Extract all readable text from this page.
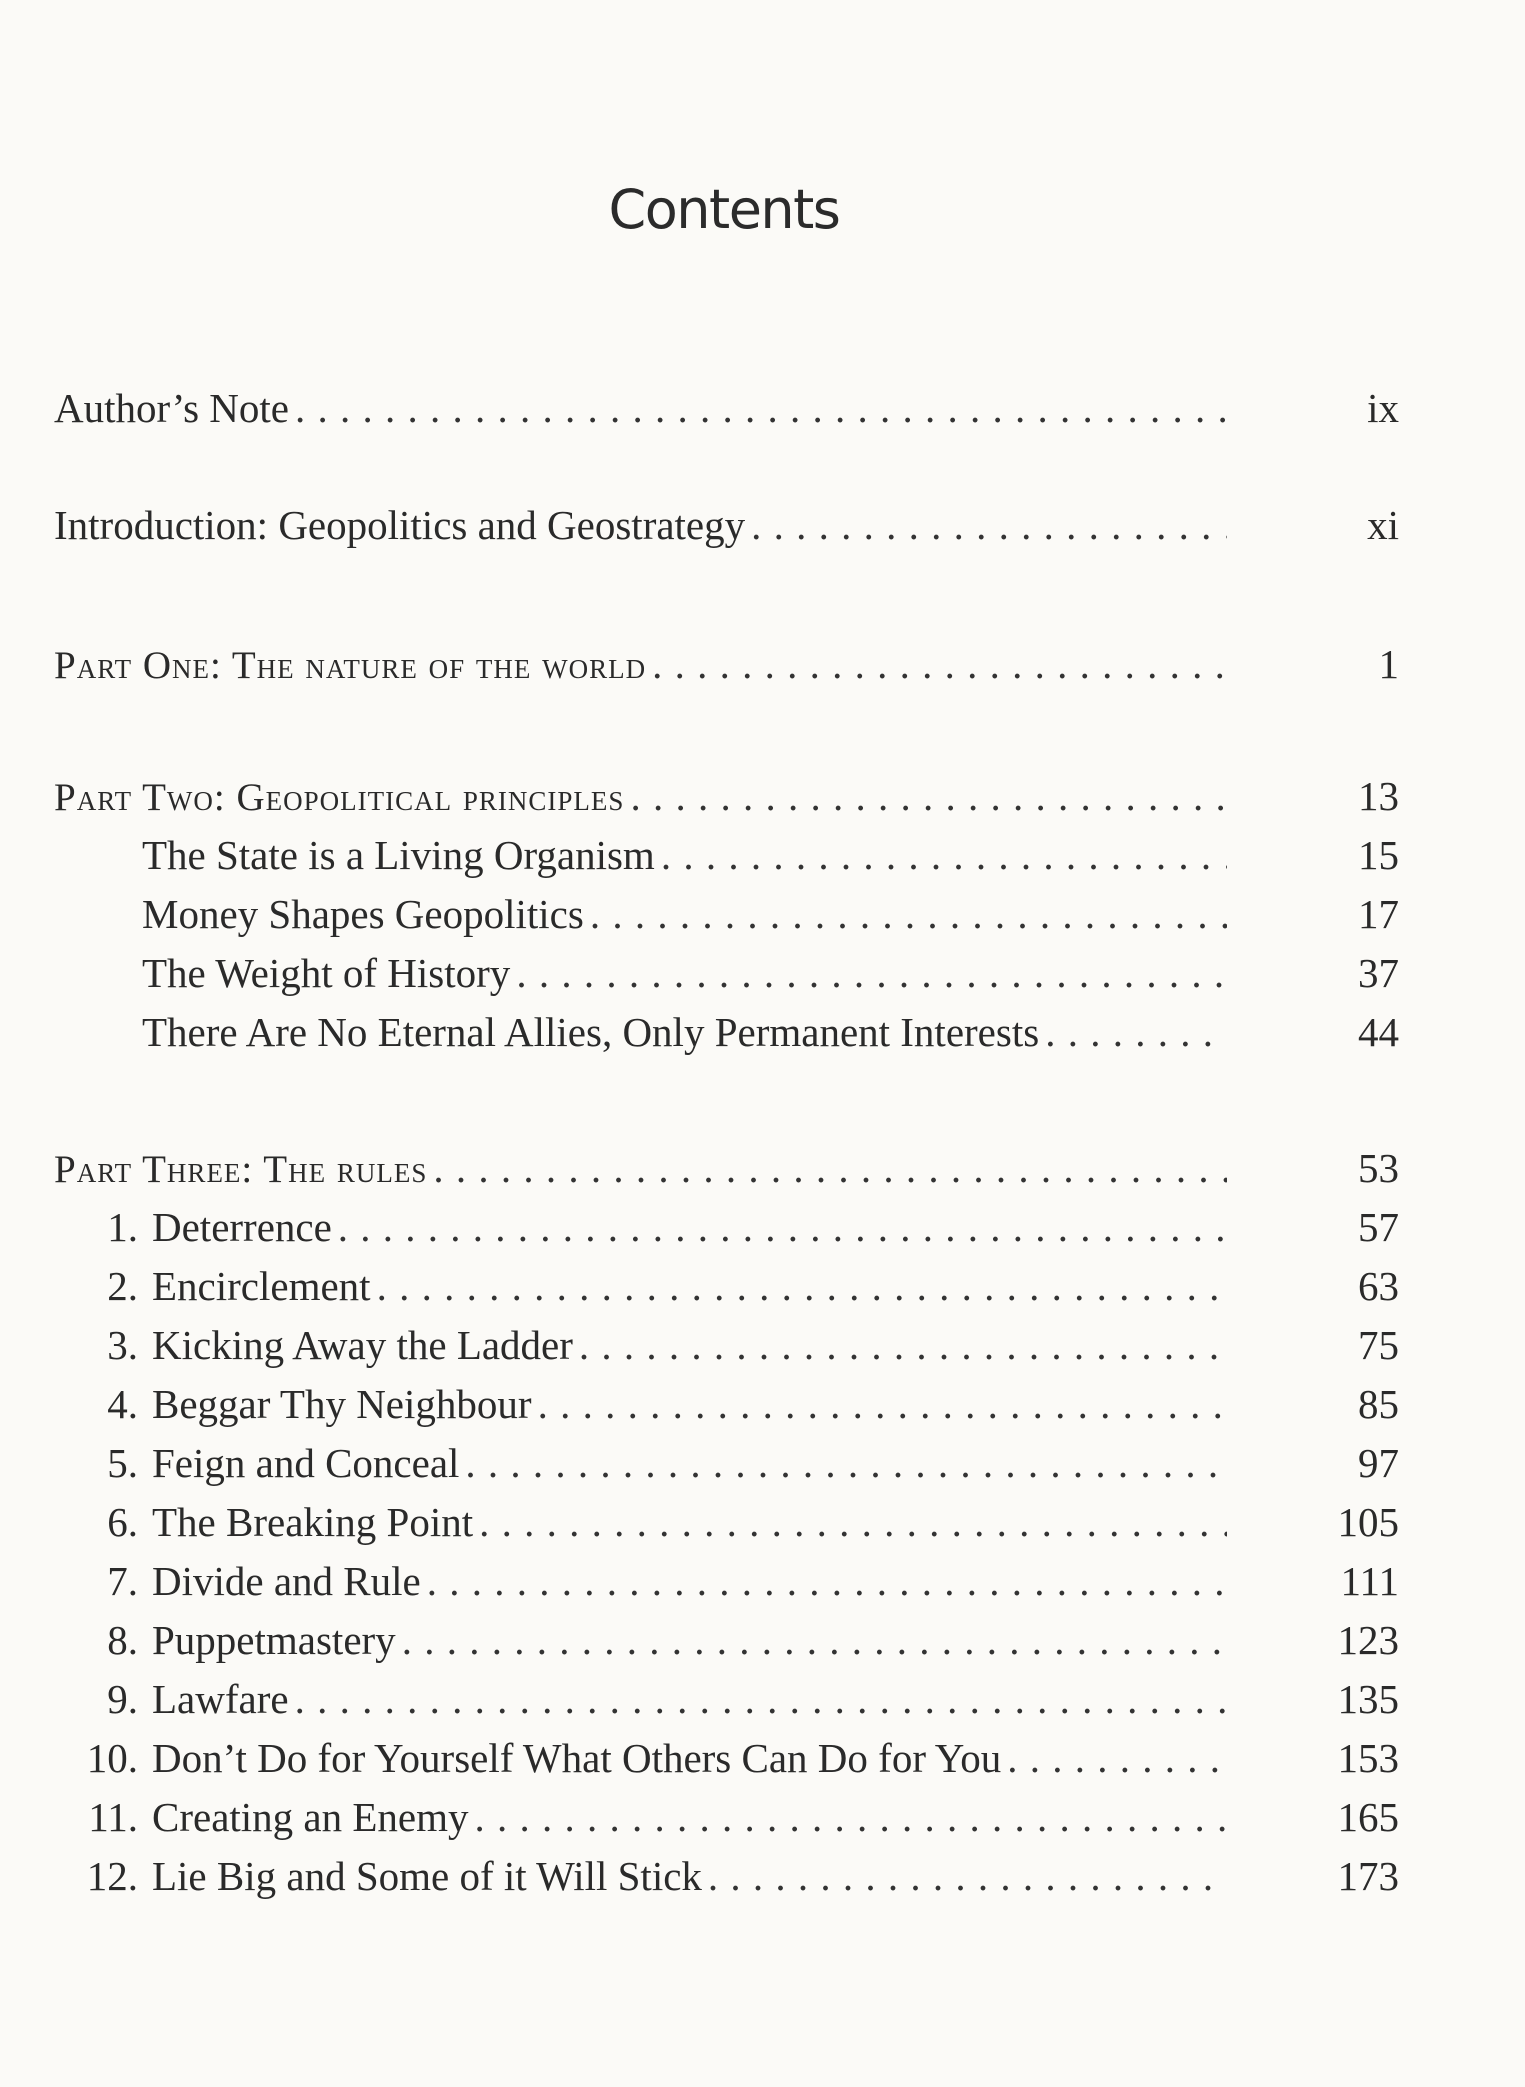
Contents
Author’s Note . . .	ix
Introduction: Geopolitics and Geostrategy . . .	xi
Part One: The nature of the world . . .	1
Part Two: Geopolitical principles . . .	13
The State is a Living Organism . . .	15
Money Shapes Geopolitics . . .	17
The Weight of History . . .	37
There Are No Eternal Allies, Only Permanent Interests . . .	44
Part Three: The rules . . .	53
1. Deterrence . . .	57
2. Encirclement . . .	63
3. Kicking Away the Ladder . . .	75
4. Beggar Thy Neighbour . . .	85
5. Feign and Conceal . . .	97
6. The Breaking Point . . .	105
7. Divide and Rule . . .	111
8. Puppetmastery . . .	123
9. Lawfare . . .	135
10. Don’t Do for Yourself What Others Can Do for You . . .	153
11. Creating an Enemy . . .	165
12. Lie Big and Some of it Will Stick . . .	173
